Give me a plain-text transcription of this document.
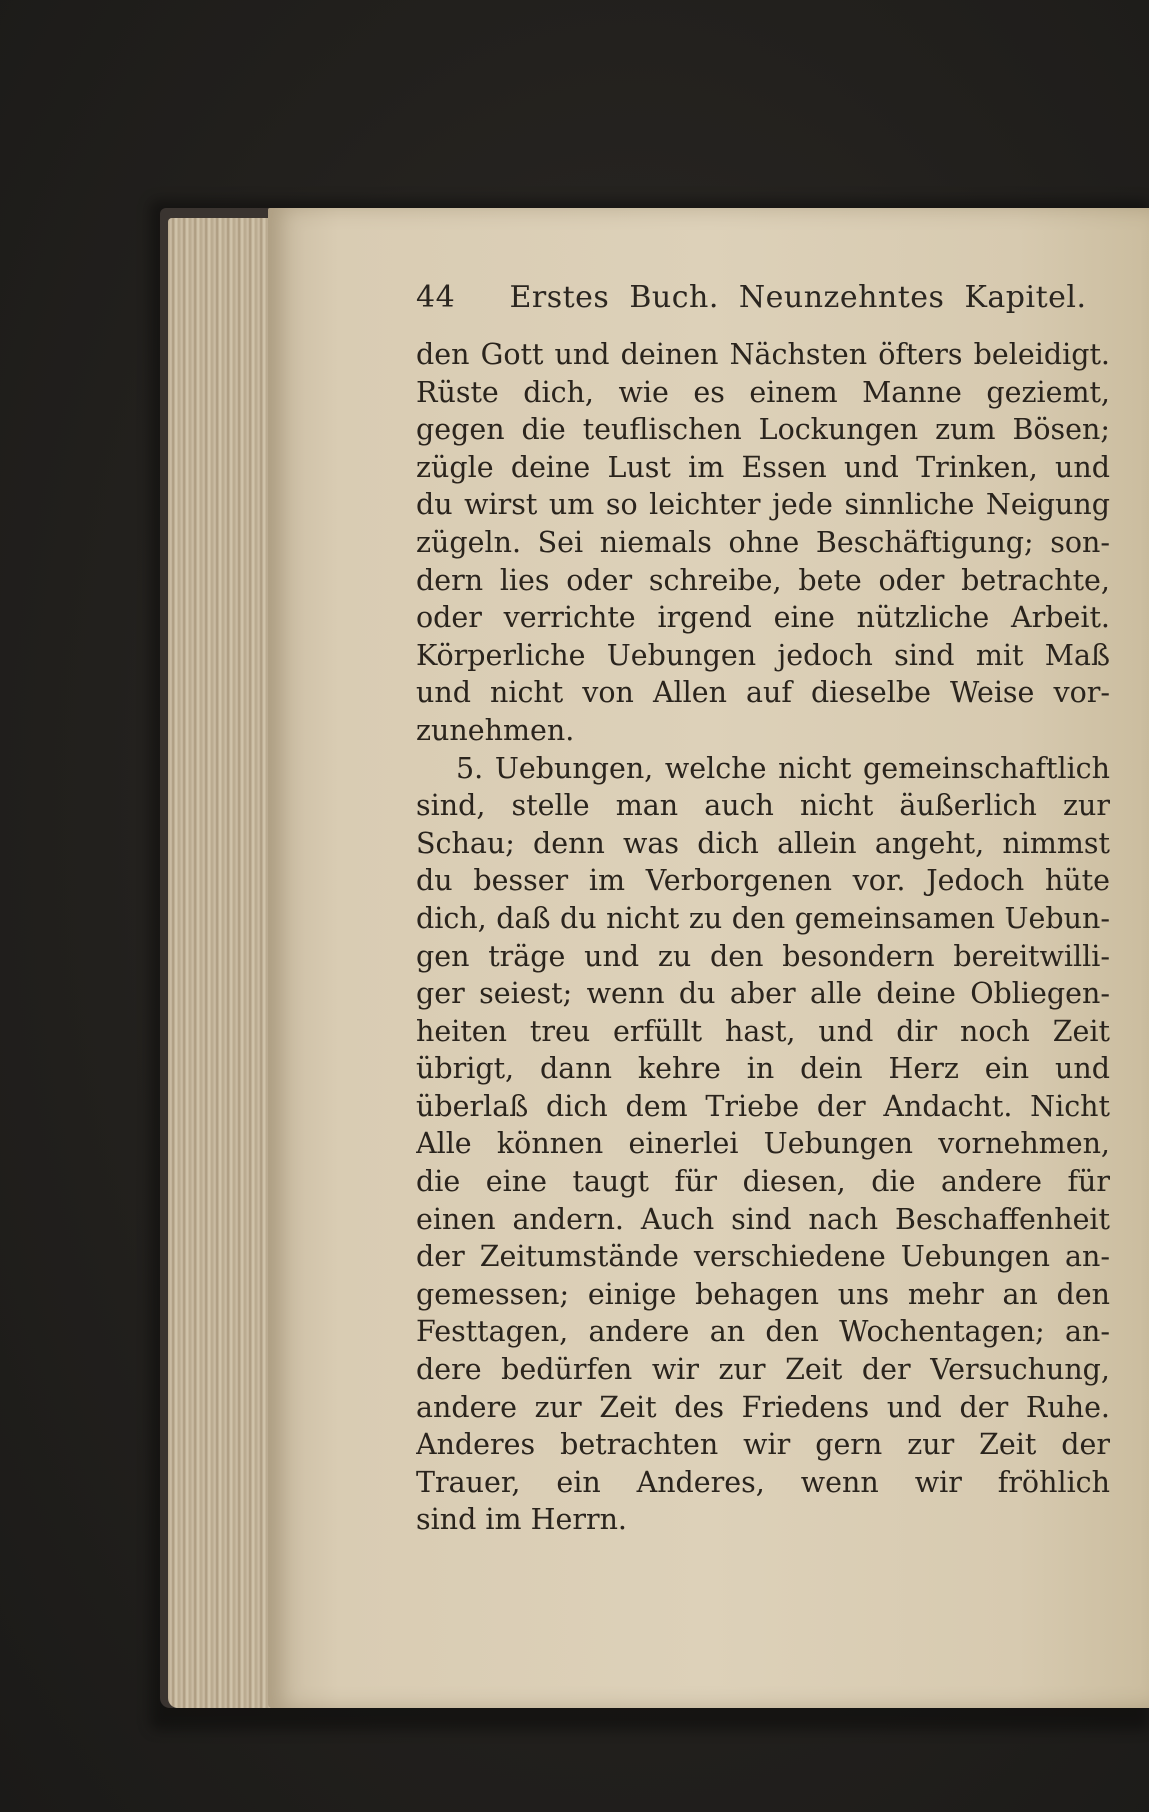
44	Erstes Buch. Neunzehntes Kapitel.
den Gott und deinen Nächsten öfters beleidigt.
Rüste dich, wie es einem Manne geziemt,
gegen die teuflischen Lockungen zum Bösen;
zügle deine Lust im Essen und Trinken, und
du wirst um so leichter jede sinnliche Neigung
zügeln. Sei niemals ohne Beschäftigung; son-
dern lies oder schreibe, bete oder betrachte,
oder verrichte irgend eine nützliche Arbeit.
Körperliche Uebungen jedoch sind mit Maß
und nicht von Allen auf dieselbe Weise vor-
zunehmen.
5. Uebungen, welche nicht gemeinschaftlich
sind, stelle man auch nicht äußerlich zur
Schau; denn was dich allein angeht, nimmst
du besser im Verborgenen vor. Jedoch hüte
dich, daß du nicht zu den gemeinsamen Uebun-
gen träge und zu den besondern bereitwilli-
ger seiest; wenn du aber alle deine Obliegen-
heiten treu erfüllt hast, und dir noch Zeit
übrigt, dann kehre in dein Herz ein und
überlaß dich dem Triebe der Andacht. Nicht
Alle können einerlei Uebungen vornehmen,
die eine taugt für diesen, die andere für
einen andern. Auch sind nach Beschaffenheit
der Zeitumstände verschiedene Uebungen an-
gemessen; einige behagen uns mehr an den
Festtagen, andere an den Wochentagen; an-
dere bedürfen wir zur Zeit der Versuchung,
andere zur Zeit des Friedens und der Ruhe.
Anderes betrachten wir gern zur Zeit der
Trauer, ein Anderes, wenn wir fröhlich
sind im Herrn.
